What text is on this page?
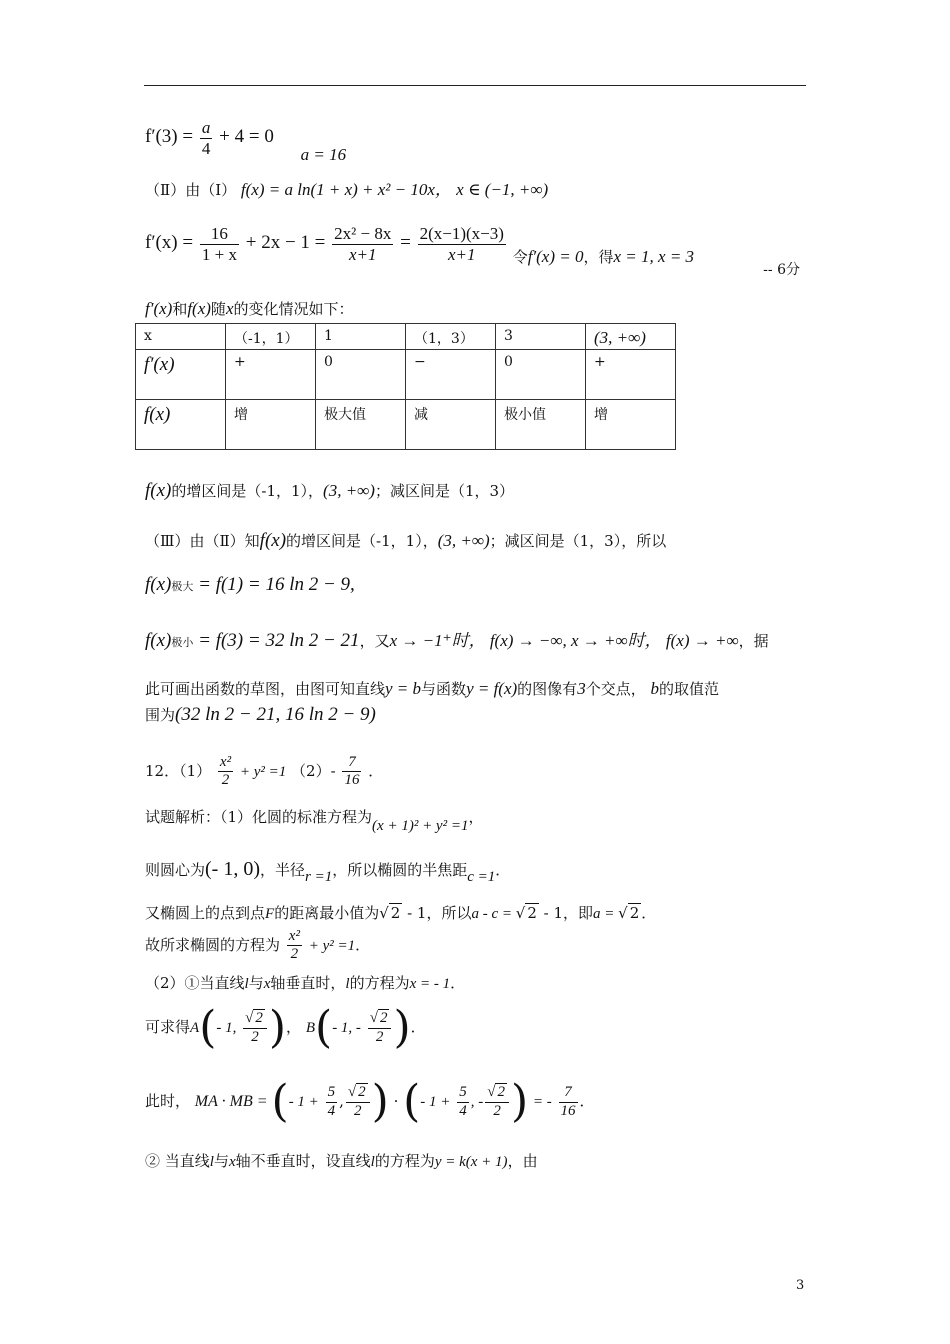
$f'(3) = \frac{a}{4} + 4 = 0$ a = 16
（Ⅱ）由（Ⅰ） f(x) = a ln(1 + x) + x² − 10x， x ∈ (−1, +∞)
$f'(x) = \frac{16}{1 + x} + 2x - 1 = \frac{\text{2x² − 8x}}{x+1} = \frac{2(x-1)(x-3)}{x+1}$ 令f′(x) = 0，得x = 1, x = 3
-- 6分
f′(x)和f(x)随x的变化情况如下：
x	（-1，1）	1	（1，3）	3	(3, +∞)
f′(x)	+	0	−	0	+
f(x)	增	极大值	减	极小值	增
f(x)的增区间是（-1，1），(3, +∞)；减区间是（1，3）
（Ⅲ）由（Ⅱ）知f(x)的增区间是（-1，1），(3, +∞)；减区间是（1，3），所以
f(x)极大 = f(1) = 16 ln 2 − 9,
f(x)极小 = f(3) = 32 ln 2 − 21，又x → −1⁺时， f(x) → −∞, x → +∞时， f(x) → +∞，据
此可画出函数的草图，由图可知直线y = b与函数y = f(x)的图像有3个交点， b的取值范
围为(32 ln 2 − 21, 16 ln 2 − 9)
12．$(1) \frac{\text{x²}}{2} + y^2 =1$ $(2)- \frac{7}{16}$ ．
试题解析：（1）化圆的标准方程为(x + 1)² + y² =1，
则圆心为(- 1, 0)，半径r =1，所以椭圆的半焦距c =1．
又椭圆上的点到点F的距离最小值为√ 2 - 1，所以a - c = √ 2 - 1，即a = √ 2 ．
故所求椭圆的方程为 $\frac{\text{x²}}{2} + y^2 =1$．
（2）①当直线l与x轴垂直时，l的方程为x = - 1．
可求得A(- 1, $\frac{√ 2}{2}$ )， B(- 1, - $\frac{√ 2}{2}$ )．
此时， MA · MB = (- $1 + \frac{5}{4}$ , $\frac{√ 2}{2}$ ) · (- $1 + \frac{5}{4}$ , - $\frac{√ 2}{2}$ ) = - $\frac{7}{16}$ ．
② 当直线l与x轴不垂直时，设直线l的方程为y = k(x + 1)，由
3
